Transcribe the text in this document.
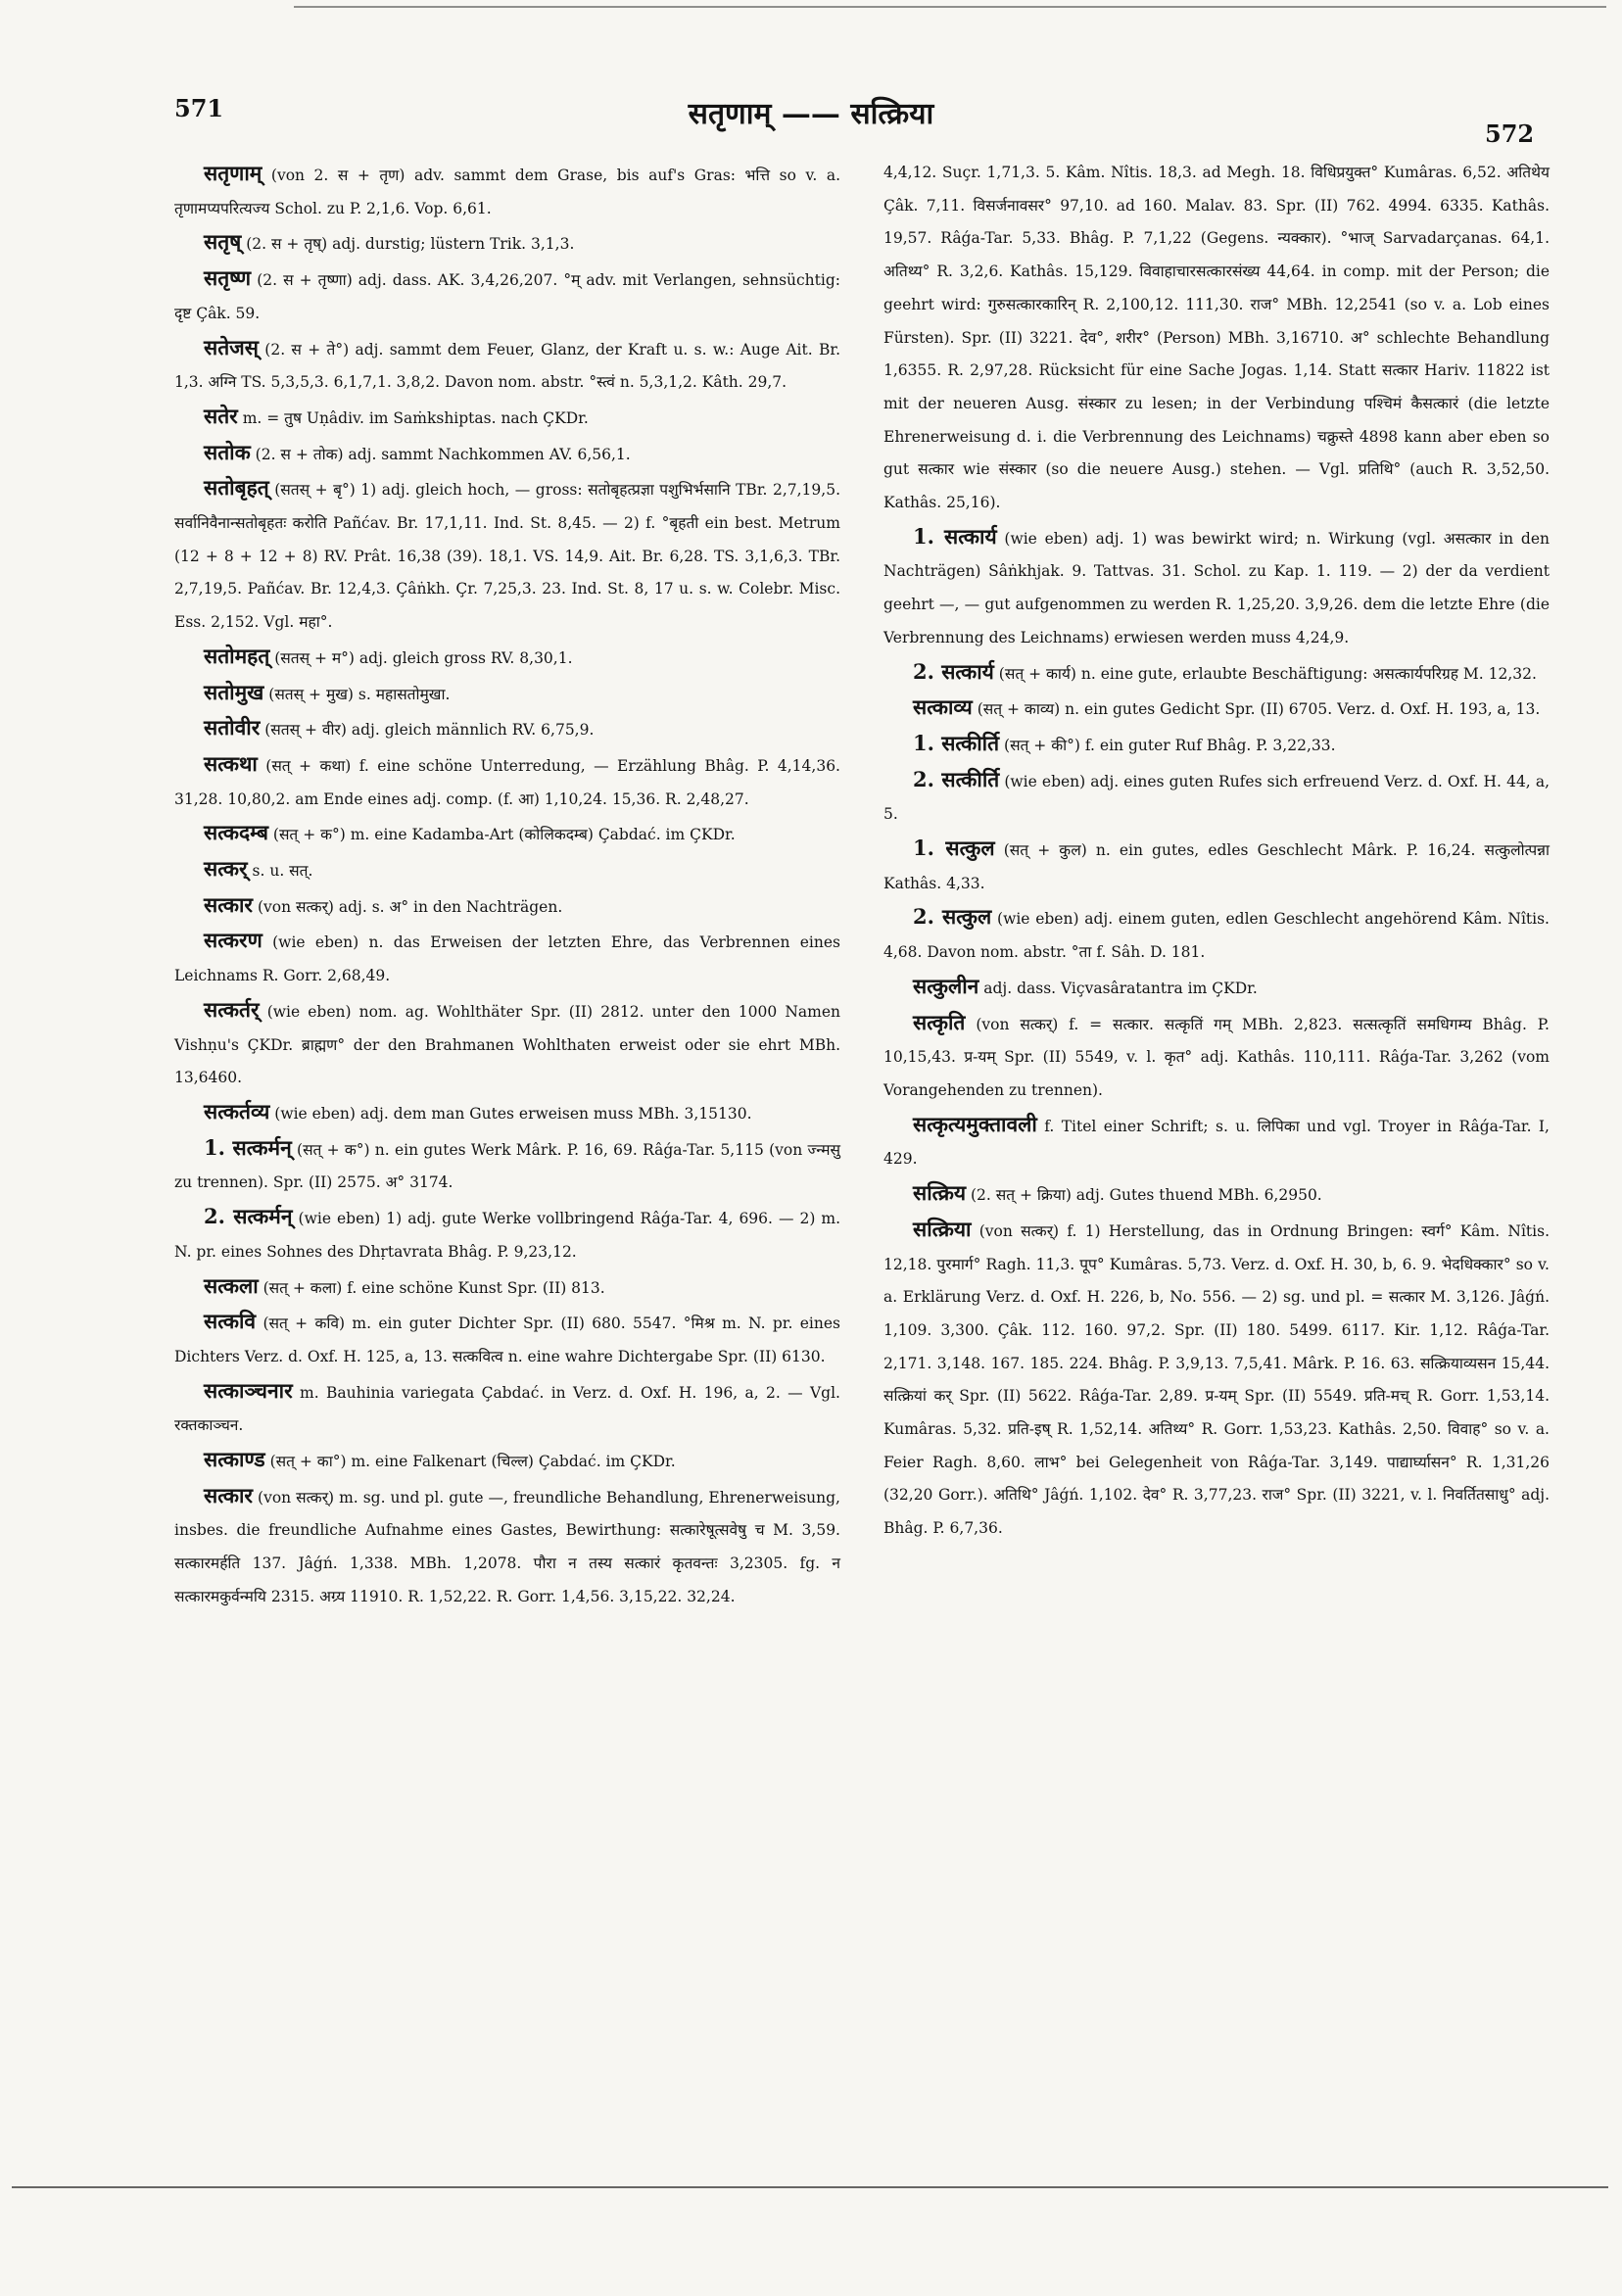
571	सतृणाम् —— सत्क्रिया
572

सतृणाम् (von 2. स + तृण) adv. sammt dem Grase, bis auf's Gras: भत्ति so v. a. तृणामप्यपरित्यज्य Schol. zu P. 2,1,6. Vop. 6,61.

सतृष् (2. स + तृष्) adj. durstig; lüstern Trik. 3,1,3.

सतृष्ण (2. स + तृष्णा) adj. dass. AK. 3,4,26,207. °म् adv. mit Verlangen, sehnsüchtig: दृष्ट Çâk. 59.

सतेजस् (2. स + ते°) adj. sammt dem Feuer, Glanz, der Kraft u. s. w.: Auge Ait. Br. 1,3. अग्नि TS. 5,3,5,3. 6,1,7,1. 3,8,2. Davon nom. abstr. °स्त्वं n. 5,3,1,2. Kâth. 29,7.

सतेर m. = तुष Uṇâdiv. im Saṁkshiptas. nach ÇKDr.

सतोक (2. स + तोक) adj. sammt Nachkommen AV. 6,56,1.

सतोबृहत् (सतस् + बृ°) 1) adj. gleich hoch, — gross: सतोबृहत्प्रज्ञा पशुभिर्भसानि TBr. 2,7,19,5. सर्वानिवैनान्सतोबृहतः करोति Pañćav. Br. 17,1,11. Ind. St. 8,45. — 2) f. °बृहती ein best. Metrum (12 + 8 + 12 + 8) RV. Prât. 16,38 (39). 18,1. VS. 14,9. Ait. Br. 6,28. TS. 3,1,6,3. TBr. 2,7,19,5. Pañćav. Br. 12,4,3. Çâṅkh. Çr. 7,25,3. 23. Ind. St. 8, 17 u. s. w. Colebr. Misc. Ess. 2,152. Vgl. महा°.

सतोमहत् (सतस् + म°) adj. gleich gross RV. 8,30,1.

सतोमुख (सतस् + मुख) s. महासतोमुखा.

सतोवीर (सतस् + वीर) adj. gleich männlich RV. 6,75,9.

सत्कथा (सत् + कथा) f. eine schöne Unterredung, — Erzählung Bhâg. P. 4,14,36. 31,28. 10,80,2. am Ende eines adj. comp. (f. आ) 1,10,24. 15,36. R. 2,48,27.

सत्कदम्ब (सत् + क°) m. eine Kadamba-Art (कोलिकदम्ब) Çabdać. im ÇKDr.

सत्कर् s. u. सत्.

सत्कार (von सत्कर्) adj. s. अ° in den Nachträgen.

सत्करण (wie eben) n. das Erweisen der letzten Ehre, das Verbrennen eines Leichnams R. Gorr. 2,68,49.

सत्कर्तर् (wie eben) nom. ag. Wohlthäter Spr. (II) 2812. unter den 1000 Namen Vishṇu's ÇKDr. ब्राह्मण° der den Brahmanen Wohlthaten erweist oder sie ehrt MBh. 13,6460.

सत्कर्तव्य (wie eben) adj. dem man Gutes erweisen muss MBh. 3,15130.

1. सत्कर्मन् (सत् + क°) n. ein gutes Werk Mârk. P. 16, 69. Râǵa-Tar. 5,115 (von ज्न्मसु zu trennen). Spr. (II) 2575. अ° 3174.

2. सत्कर्मन् (wie eben) 1) adj. gute Werke vollbringend Râǵa-Tar. 4, 696. — 2) m. N. pr. eines Sohnes des Dhṛtavrata Bhâg. P. 9,23,12.

सत्कला (सत् + कला) f. eine schöne Kunst Spr. (II) 813.

सत्कवि (सत् + कवि) m. ein guter Dichter Spr. (II) 680. 5547. °मिश्र m. N. pr. eines Dichters Verz. d. Oxf. H. 125, a, 13. सत्कवित्व n. eine wahre Dichtergabe Spr. (II) 6130.

सत्काञ्चनार m. Bauhinia variegata Çabdać. in Verz. d. Oxf. H. 196, a, 2. — Vgl. रक्तकाञ्चन.

सत्काण्ड (सत् + का°) m. eine Falkenart (चिल्ल) Çabdać. im ÇKDr.

सत्कार (von सत्कर्) m. sg. und pl. gute —, freundliche Behandlung, Ehrenerweisung, insbes. die freundliche Aufnahme eines Gastes, Bewirthung: सत्कारेषूत्सवेषु च M. 3,59. सत्कारमर्हति 137. Jâǵń. 1,338. MBh. 1,2078. पौरा न तस्य सत्कारं कृतवन्तः 3,2305. fg. न सत्कारमकुर्वन्मयि 2315. अग्र्य 11910. R. 1,52,22. R. Gorr. 1,4,56. 3,15,22. 32,24.

4,4,12. Suçr. 1,71,3. 5. Kâm. Nîtis. 18,3. ad Megh. 18. विधिप्रयुक्त° Kumâras. 6,52. अतिथेय Çâk. 7,11. विसर्जनावसर° 97,10. ad 160. Malav. 83. Spr. (II) 762. 4994. 6335. Kathâs. 19,57. Râǵa-Tar. 5,33. Bhâg. P. 7,1,22 (Gegens. न्यक्कार). °भाज् Sarvadarçanas. 64,1. अतिथ्य° R. 3,2,6. Kathâs. 15,129. विवाहाचारसत्कारसंख्य 44,64. in comp. mit der Person; die geehrt wird: गुरुसत्कारकारिन् R. 2,100,12. 111,30. राज° MBh. 12,2541 (so v. a. Lob eines Fürsten). Spr. (II) 3221. देव°, शरीर° (Person) MBh. 3,16710. अ° schlechte Behandlung 1,6355. R. 2,97,28. Rücksicht für eine Sache Jogas. 1,14. Statt सत्कार Hariv. 11822 ist mit der neueren Ausg. संस्कार zu lesen; in der Verbindung पश्चिमं कैसत्कारं (die letzte Ehrenerweisung d. i. die Verbrennung des Leichnams) चक्रुस्ते 4898 kann aber eben so gut सत्कार wie संस्कार (so die neuere Ausg.) stehen. — Vgl. प्रतिथि° (auch R. 3,52,50. Kathâs. 25,16).

1. सत्कार्य (wie eben) adj. 1) was bewirkt wird; n. Wirkung (vgl. असत्कार in den Nachträgen) Sâṅkhjak. 9. Tattvas. 31. Schol. zu Kap. 1. 119. — 2) der da verdient geehrt —, — gut aufgenommen zu werden R. 1,25,20. 3,9,26. dem die letzte Ehre (die Verbrennung des Leichnams) erwiesen werden muss 4,24,9.

2. सत्कार्य (सत् + कार्य) n. eine gute, erlaubte Beschäftigung: असत्कार्यपरिग्रह M. 12,32.

सत्काव्य (सत् + काव्य) n. ein gutes Gedicht Spr. (II) 6705. Verz. d. Oxf. H. 193, a, 13.

1. सत्कीर्ति (सत् + की°) f. ein guter Ruf Bhâg. P. 3,22,33.

2. सत्कीर्ति (wie eben) adj. eines guten Rufes sich erfreuend Verz. d. Oxf. H. 44, a, 5.

1. सत्कुल (सत् + कुल) n. ein gutes, edles Geschlecht Mârk. P. 16,24. सत्कुलोत्पन्ना Kathâs. 4,33.

2. सत्कुल (wie eben) adj. einem guten, edlen Geschlecht angehörend Kâm. Nîtis. 4,68. Davon nom. abstr. °ता f. Sâh. D. 181.

सत्कुलीन adj. dass. Viçvasâratantra im ÇKDr.

सत्कृति (von सत्कर्) f. = सत्कार. सत्कृतिं गम् MBh. 2,823. सत्सत्कृतिं समधिगम्य Bhâg. P. 10,15,43. प्र-यम् Spr. (II) 5549, v. l. कृत° adj. Kathâs. 110,111. Râǵa-Tar. 3,262 (vom Vorangehenden zu trennen).

सत्कृत्यमुक्तावली f. Titel einer Schrift; s. u. लिपिका und vgl. Troyer in Râǵa-Tar. I, 429.

सत्क्रिय (2. सत् + क्रिया) adj. Gutes thuend MBh. 6,2950.

सत्क्रिया (von सत्कर्) f. 1) Herstellung, das in Ordnung Bringen: स्वर्ग° Kâm. Nîtis. 12,18. पुरमार्ग° Ragh. 11,3. पूप° Kumâras. 5,73. Verz. d. Oxf. H. 30, b, 6. 9. भेदधिक्कार° so v. a. Erklärung Verz. d. Oxf. H. 226, b, No. 556. — 2) sg. und pl. = सत्कार M. 3,126. Jâǵń. 1,109. 3,300. Çâk. 112. 160. 97,2. Spr. (II) 180. 5499. 6117. Kir. 1,12. Râǵa-Tar. 2,171. 3,148. 167. 185. 224. Bhâg. P. 3,9,13. 7,5,41. Mârk. P. 16. 63. सत्क्रियाव्यसन 15,44. सत्क्रियां कर् Spr. (II) 5622. Râǵa-Tar. 2,89. प्र-यम् Spr. (II) 5549. प्रति-मच् R. Gorr. 1,53,14. Kumâras. 5,32. प्रति-इष् R. 1,52,14. अतिथ्य° R. Gorr. 1,53,23. Kathâs. 2,50. विवाह° so v. a. Feier Ragh. 8,60. लाभ° bei Gelegenheit von Râǵa-Tar. 3,149. पाद्यार्घ्यासन° R. 1,31,26 (32,20 Gorr.). अतिथि° Jâǵń. 1,102. देव° R. 3,77,23. राज° Spr. (II) 3221, v. l. निवर्तितसाधु° adj. Bhâg. P. 6,7,36.
